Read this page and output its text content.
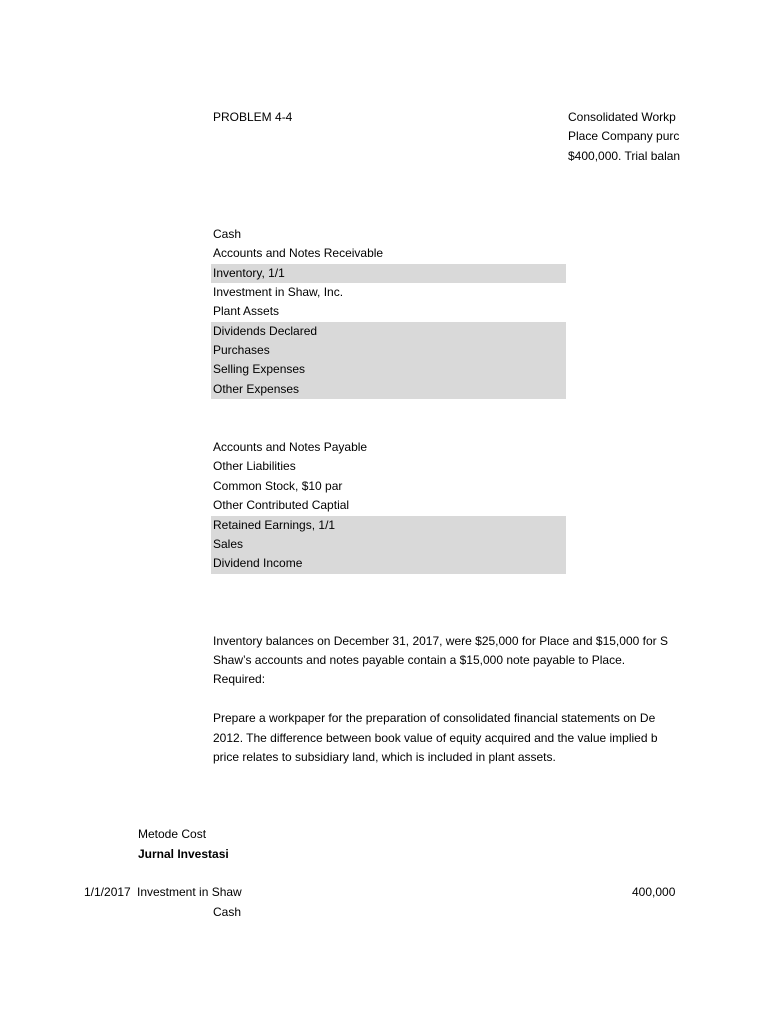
PROBLEM 4-4	Consolidated Workp
Place Company purc
$400,000. Trial balan
Cash
Accounts and Notes Receivable
Inventory, 1/1
Investment in Shaw, Inc.
Plant Assets
Dividends Declared
Purchases
Selling Expenses
Other Expenses
Accounts and Notes Payable
Other Liabilities
Common Stock, $10 par
Other Contributed Captial
Retained Earnings, 1/1
Sales
Dividend Income
Inventory balances on December 31, 2017, were $25,000 for Place and $15,000 for S
Shaw’s accounts and notes payable contain a $15,000 note payable to Place.
Required:
Prepare a workpaper for the preparation of consolidated financial statements on De
2012. The difference between book value of equity acquired and the value implied b
price relates to subsidiary land, which is included in plant assets.
Metode Cost
Jurnal Investasi
1/1/2017 Investment in Shaw	400,000
Cash
